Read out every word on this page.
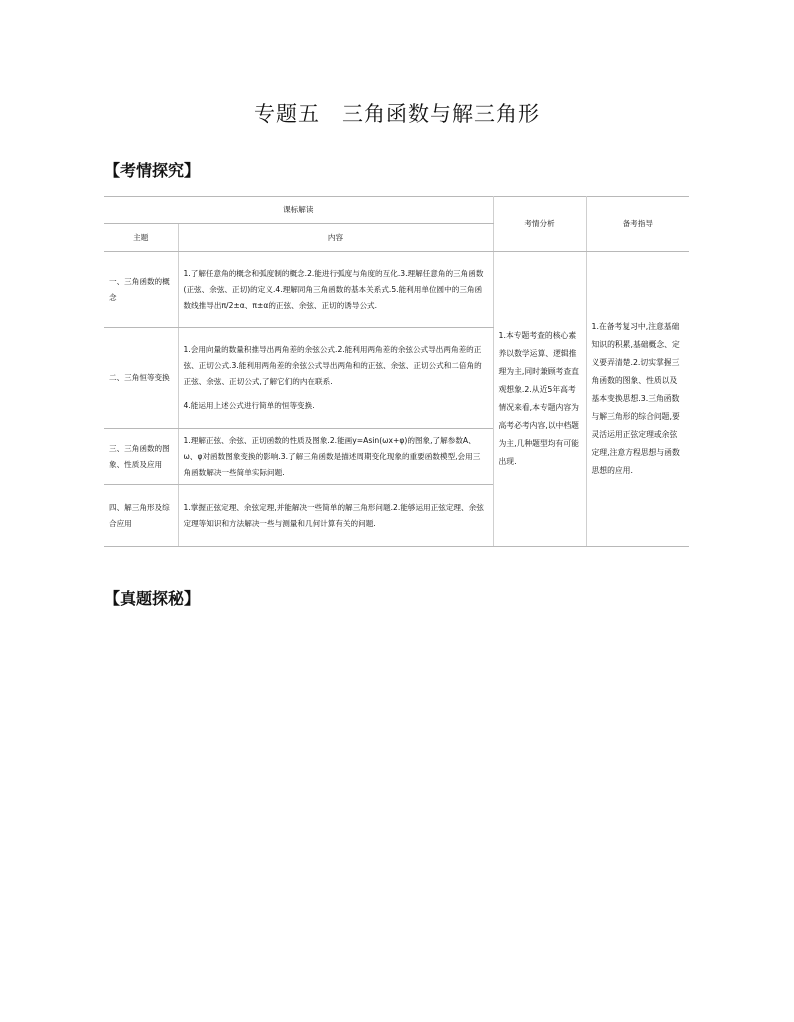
专题五　三角函数与解三角形
【考情探究】
课标解读		考情分析	备考指导
主题	内容		
一、三角函数的概念	1.了解任意角的概念和弧度制的概念.2.能进行弧度与角度的互化.3.理解任意角的三角函数(正弦、余弦、正切)的定义.4.理解同角三角函数的基本关系式.5.能利用单位圆中的三角函数线推导出π/2±α、π±α的正弦、余弦、正切的诱导公式.	1.本专题考查的核心素养以数学运算、逻辑推理为主,同时兼顾考查直观想象.2.从近5年高考情况来看,本专题内容为高考必考内容,以中档题为主,几种题型均有可能出现.	1.在备考复习中,注意基础知识的积累,基础概念、定义要弄清楚.2.切实掌握三角函数的图象、性质以及基本变换思想.3.三角函数与解三角形的综合问题,要灵活运用正弦定理或余弦定理,注意方程思想与函数思想的应用.
二、三角恒等变换	1.会用向量的数量积推导出两角差的余弦公式.2.能利用两角差的余弦公式导出两角差的正弦、正切公式.3.能利用两角差的余弦公式导出两角和的正弦、余弦、正切公式和二倍角的正弦、余弦、正切公式,了解它们的内在联系.
4.能运用上述公式进行简单的恒等变换.		

三、三角函数的图象、性质及应用	1.理解正弦、余弦、正切函数的性质及图象.2.能画y=Asin(ωx+φ)的图象,了解参数A、ω、φ对函数图象变换的影响.3.了解三角函数是描述周期变化现象的重要函数模型,会用三角函数解决一些简单实际问题.		
四、解三角形及综合应用	1.掌握正弦定理、余弦定理,并能解决一些简单的解三角形问题.2.能够运用正弦定理、余弦定理等知识和方法解决一些与测量和几何计算有关的问题.		
【真题探秘】
